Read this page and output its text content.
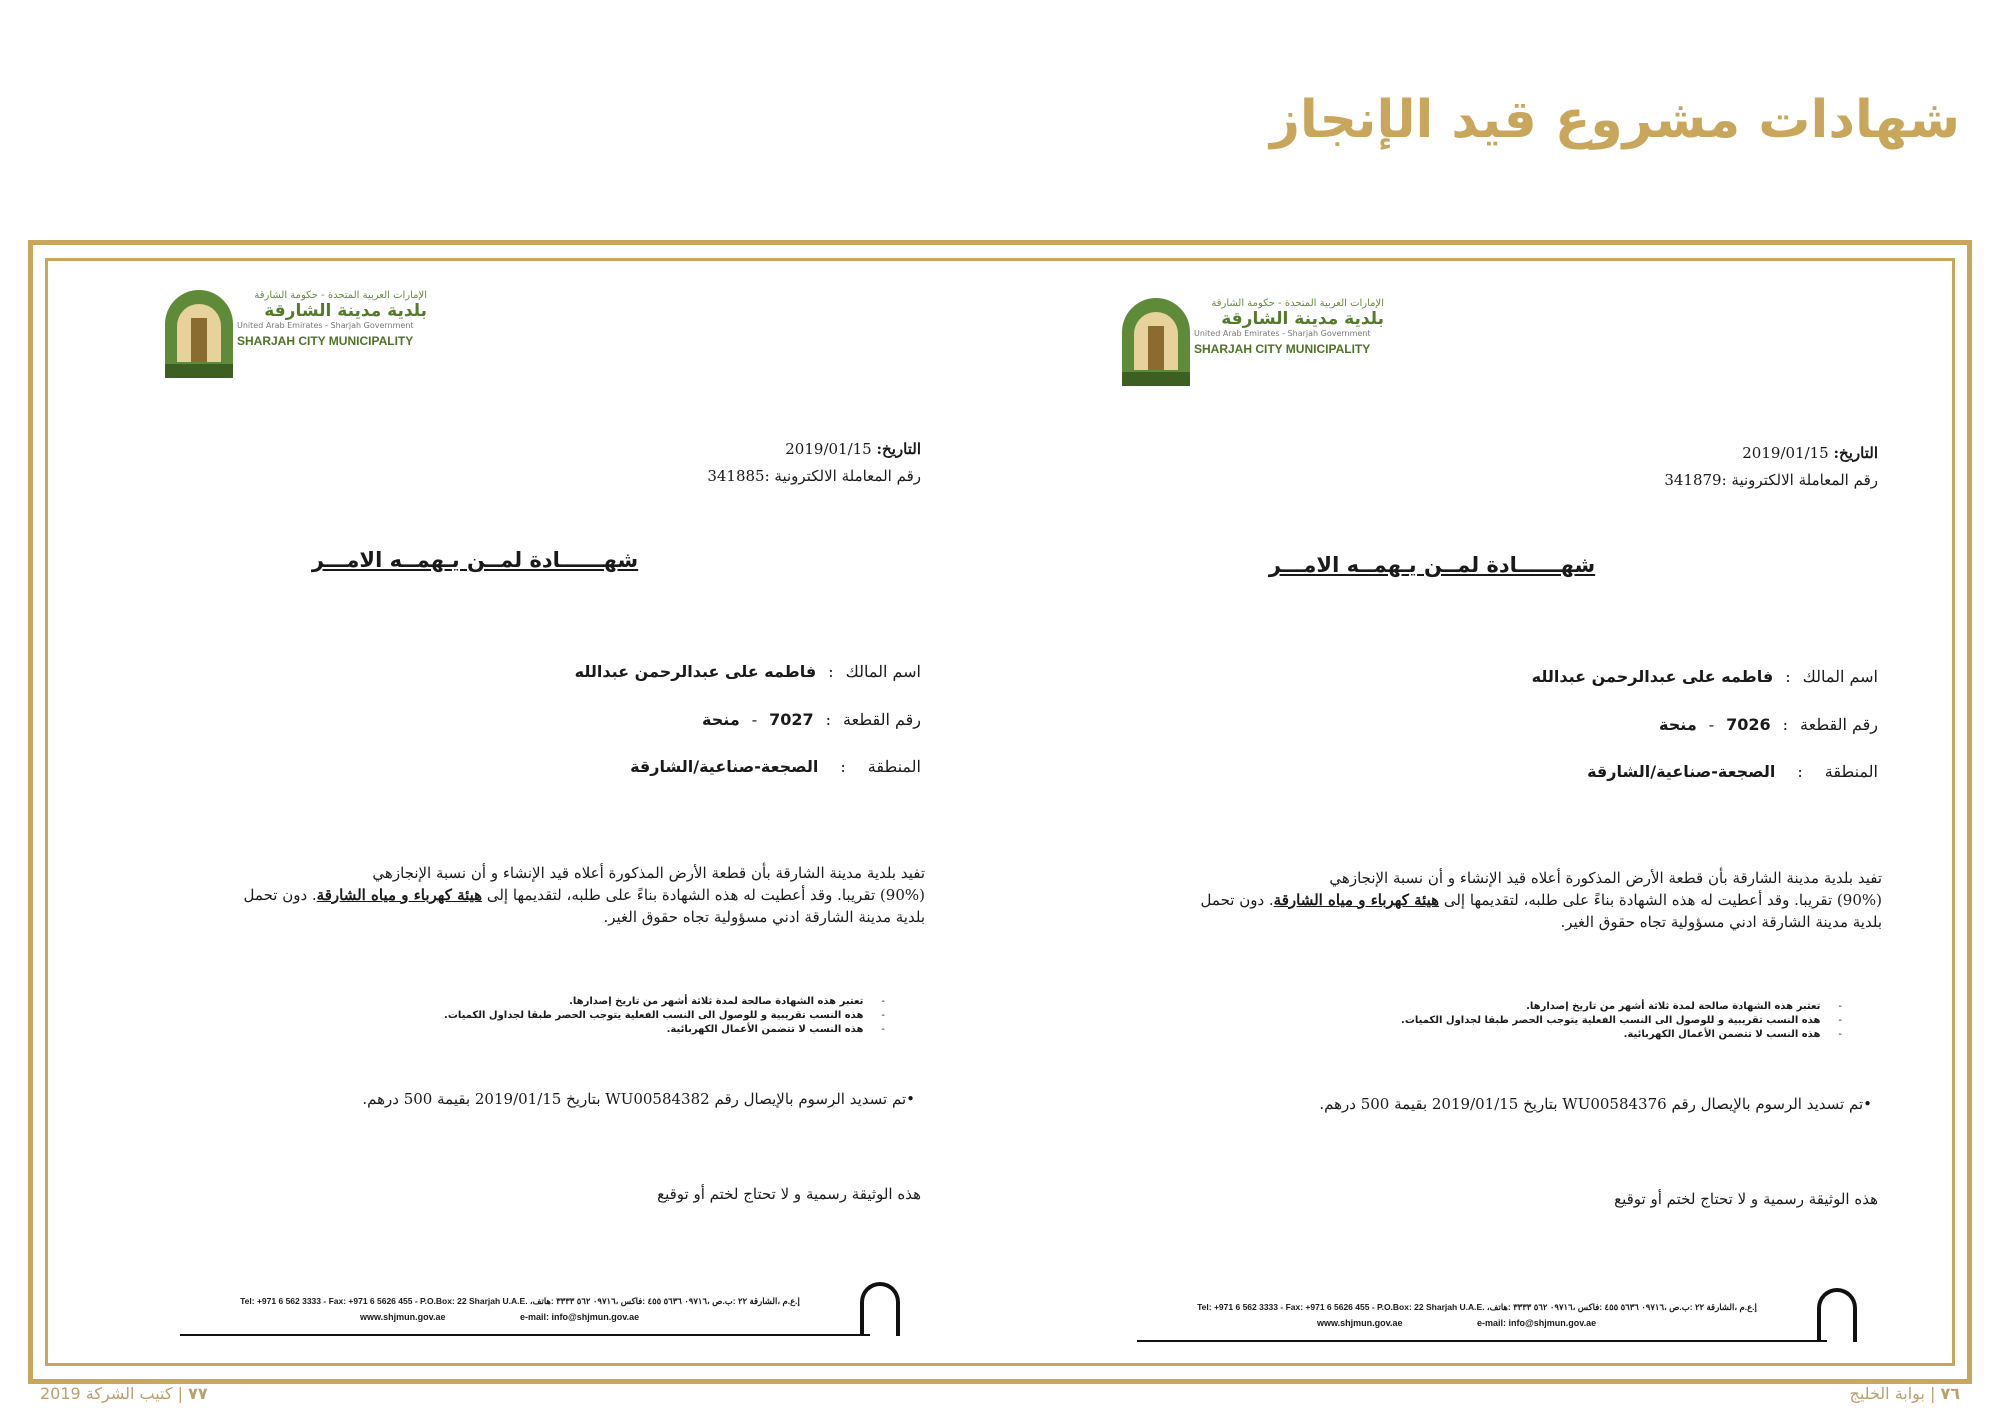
شهادات مشروع قيد الإنجاز
الإمارات العربية المتحدة - حكومة الشارقة
بلدية مدينة الشارقة
United Arab Emirates - Sharjah Government
SHARJAH CITY MUNICIPALITY
التاريخ: 2019/01/15
رقم المعاملة الالكترونية :341885
شهــــــادة لمــن يـهمــه الامـــر
اسم المالك:فاطمه على عبدالرحمن عبدالله
رقم القطعة:7027-منحة
المنطقة:الصجعة-صناعية/الشارقة
تفيد بلدية مدينة الشارقة بأن قطعة الأرض المذكورة أعلاه قيد الإنشاء و أن نسبة الإنجازهي
(90%) تقريبا. وقد أعطيت له هذه الشهادة بناءً على طلبه، لتقديمها إلى هيئة كهرباء و مياه الشارقة. دون تحمل
بلدية مدينة الشارقة ادني مسؤولية تجاه حقوق الغير.
-تعتبر هذه الشهادة صالحة لمدة ثلاثة أشهر من تاريخ إصدارها.
-هذه النسب تقريبية و للوصول الى النسب الفعلية يتوجب الحصر طبقا لجداول الكميات.
-هذه النسب لا تتضمن الأعمال الكهربائية.
•تم تسديد الرسوم بالإيصال رقم WU00584382 بتاريخ 2019/01/15 بقيمة 500 درهم.
هذه الوثيقة رسمية و لا تحتاج لختم أو توقيع
Tel: +971 6 562 3333 - Fax: +971 6 5626 455 - P.O.Box: 22 Sharjah U.A.E. ،إ.ع.م ،الشارقة ٢٢ :ب.ص ،٠٩٧١٦ ٥٦٣٦ ٤٥٥ :فاكس ،٠٩٧١٦ ٥٦٢ ٣٣٣٣ :هاتف
www.shjmun.gov.ae	e-mail: info@shjmun.gov.ae
الإمارات العربية المتحدة - حكومة الشارقة
بلدية مدينة الشارقة
United Arab Emirates - Sharjah Government
SHARJAH CITY MUNICIPALITY
التاريخ: 2019/01/15
رقم المعاملة الالكترونية :341879
شهــــــادة لمــن يـهمــه الامـــر
اسم المالك:فاطمه على عبدالرحمن عبدالله
رقم القطعة:7026-منحة
المنطقة:الصجعة-صناعية/الشارقة
تفيد بلدية مدينة الشارقة بأن قطعة الأرض المذكورة أعلاه قيد الإنشاء و أن نسبة الإنجازهي
(90%) تقريبا. وقد أعطيت له هذه الشهادة بناءً على طلبه، لتقديمها إلى هيئة كهرباء و مياه الشارقة. دون تحمل
بلدية مدينة الشارقة ادني مسؤولية تجاه حقوق الغير.
-تعتبر هذه الشهادة صالحة لمدة ثلاثة أشهر من تاريخ إصدارها.
-هذه النسب تقريبية و للوصول الى النسب الفعلية يتوجب الحصر طبقا لجداول الكميات.
-هذه النسب لا تتضمن الأعمال الكهربائية.
•تم تسديد الرسوم بالإيصال رقم WU00584376 بتاريخ 2019/01/15 بقيمة 500 درهم.
هذه الوثيقة رسمية و لا تحتاج لختم أو توقيع
Tel: +971 6 562 3333 - Fax: +971 6 5626 455 - P.O.Box: 22 Sharjah U.A.E. ،إ.ع.م ،الشارقة ٢٢ :ب.ص ،٠٩٧١٦ ٥٦٣٦ ٤٥٥ :فاكس ،٠٩٧١٦ ٥٦٢ ٣٣٣٣ :هاتف
www.shjmun.gov.ae	e-mail: info@shjmun.gov.ae
٧٧ | كتيب الشركة 2019	٧٦ | بوابة الخليج
